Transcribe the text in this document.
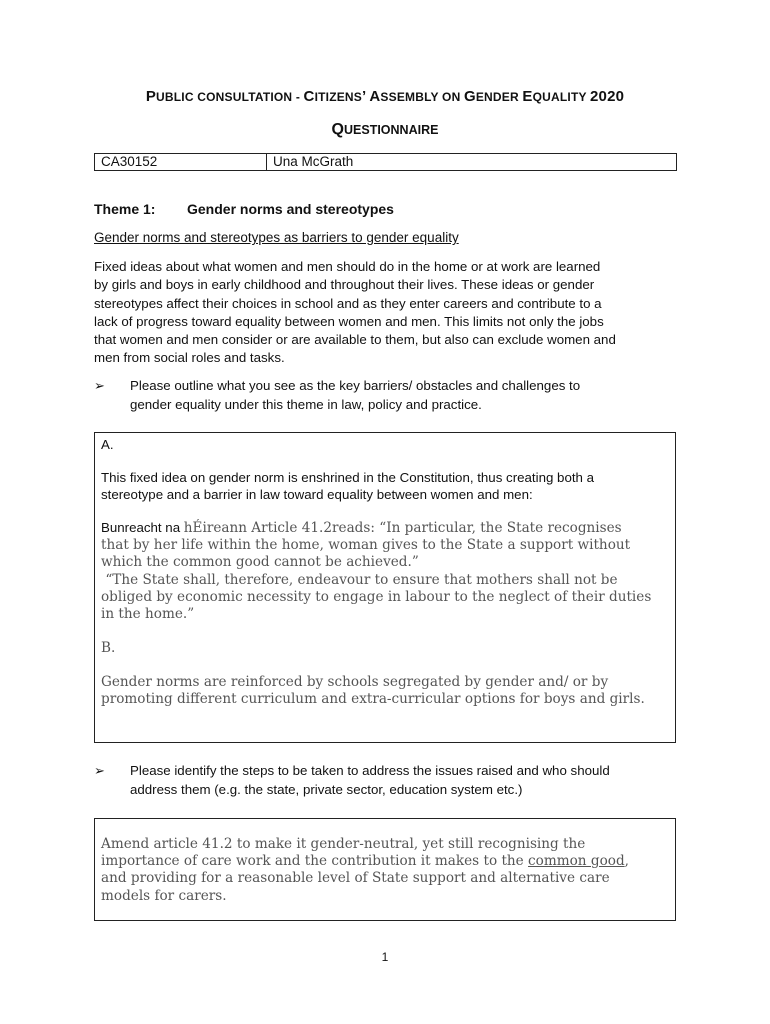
PUBLIC CONSULTATION - CITIZENS’ ASSEMBLY ON GENDER EQUALITY 2020
QUESTIONNAIRE
CA30152	Una McGrath
Theme 1: Gender norms and stereotypes
Gender norms and stereotypes as barriers to gender equality
Fixed ideas about what women and men should do in the home or at work are learned
by girls and boys in early childhood and throughout their lives. These ideas or gender
stereotypes affect their choices in school and as they enter careers and contribute to a
lack of progress toward equality between women and men. This limits not only the jobs
that women and men consider or are available to them, but also can exclude women and
men from social roles and tasks.
➢ Please outline what you see as the key barriers/ obstacles and challenges to
gender equality under this theme in law, policy and practice.
A.
This fixed idea on gender norm is enshrined in the Constitution, thus creating both a
stereotype and a barrier in law toward equality between women and men:
Bunreacht na hÉireann Article 41.2reads: “In particular, the State recognises
that by her life within the home, woman gives to the State a support without
which the common good cannot be achieved.”
“The State shall, therefore, endeavour to ensure that mothers shall not be
obliged by economic necessity to engage in labour to the neglect of their duties
in the home.”
B.
Gender norms are reinforced by schools segregated by gender and/ or by
promoting different curriculum and extra-curricular options for boys and girls.
➢ Please identify the steps to be taken to address the issues raised and who should
address them (e.g. the state, private sector, education system etc.)
Amend article 41.2 to make it gender-neutral, yet still recognising the
importance of care work and the contribution it makes to the common good,
and providing for a reasonable level of State support and alternative care
models for carers.
1
